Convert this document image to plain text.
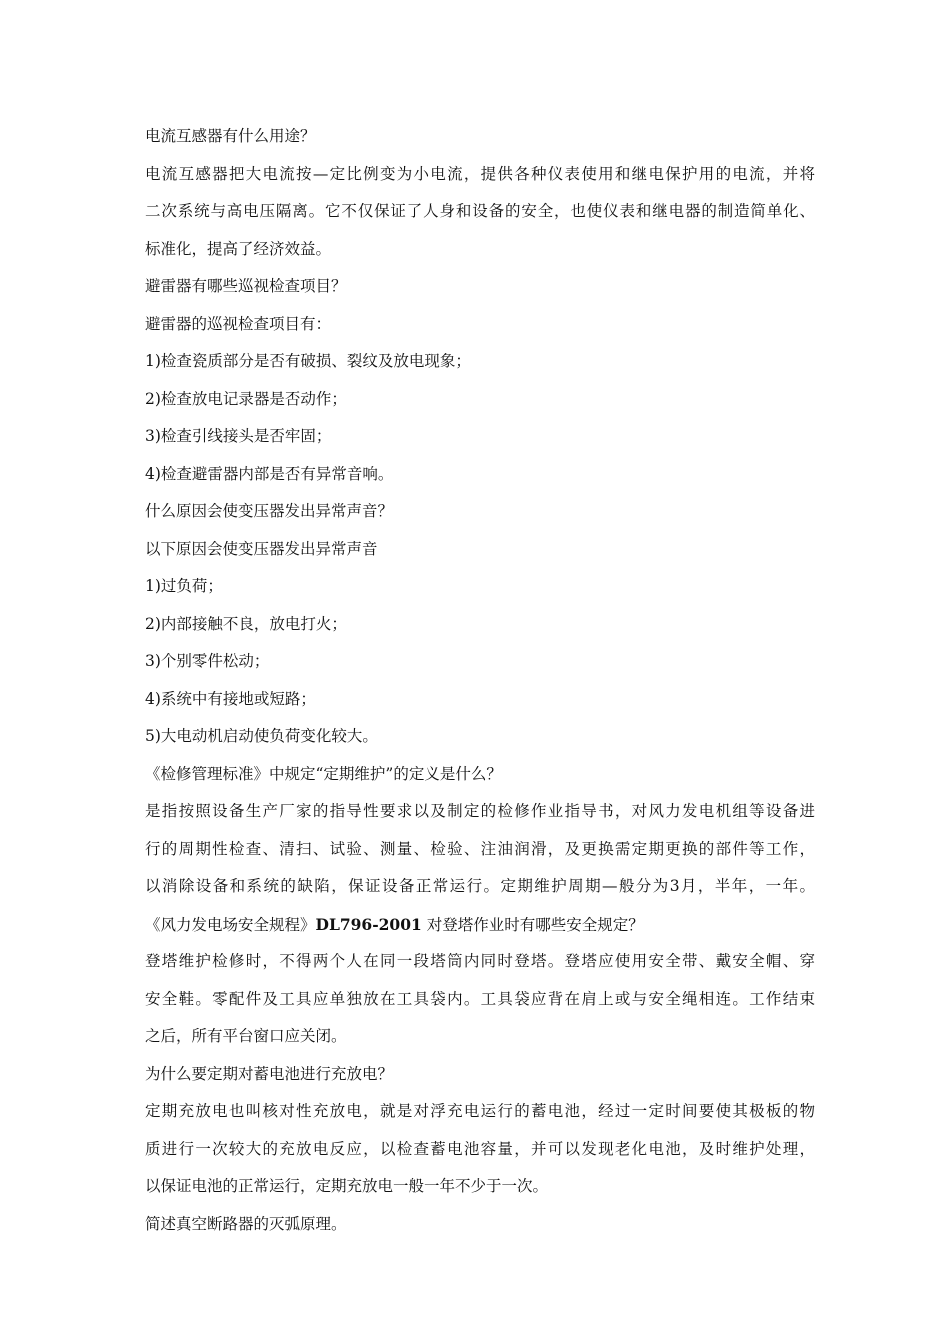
电流互感器有什么用途？
电流互感器把大电流按—定比例变为小电流，提供各种仪表使用和继电保护用的电流，并将
二次系统与高电压隔离。它不仅保证了人身和设备的安全，也使仪表和继电器的制造简单化、
标准化，提高了经济效益。
避雷器有哪些巡视检查项目？
避雷器的巡视检查项目有：
1)检查瓷质部分是否有破损、裂纹及放电现象；
2)检查放电记录器是否动作；
3)检查引线接头是否牢固；
4)检查避雷器内部是否有异常音响。
什么原因会使变压器发出异常声音？
以下原因会使变压器发出异常声音
1)过负荷；
2)内部接触不良，放电打火；
3)个别零件松动；
4)系统中有接地或短路；
5)大电动机启动使负荷变化较大。
《检修管理标准》中规定“定期维护”的定义是什么？
是指按照设备生产厂家的指导性要求以及制定的检修作业指导书，对风力发电机组等设备进
行的周期性检查、清扫、试验、测量、检验、注油润滑，及更换需定期更换的部件等工作，
以消除设备和系统的缺陷，保证设备正常运行。定期维护周期—般分为3月，半年，一年。
《风力发电场安全规程》DL796-2001 对登塔作业时有哪些安全规定？
登塔维护检修时，不得两个人在同一段塔筒内同时登塔。登塔应使用安全带、戴安全帽、穿
安全鞋。零配件及工具应单独放在工具袋内。工具袋应背在肩上或与安全绳相连。工作结束
之后，所有平台窗口应关闭。
为什么要定期对蓄电池进行充放电？
定期充放电也叫核对性充放电，就是对浮充电运行的蓄电池，经过一定时间要使其极板的物
质进行一次较大的充放电反应，以检查蓄电池容量，并可以发现老化电池，及时维护处理，
以保证电池的正常运行，定期充放电一般一年不少于一次。
简述真空断路器的灭弧原理。
